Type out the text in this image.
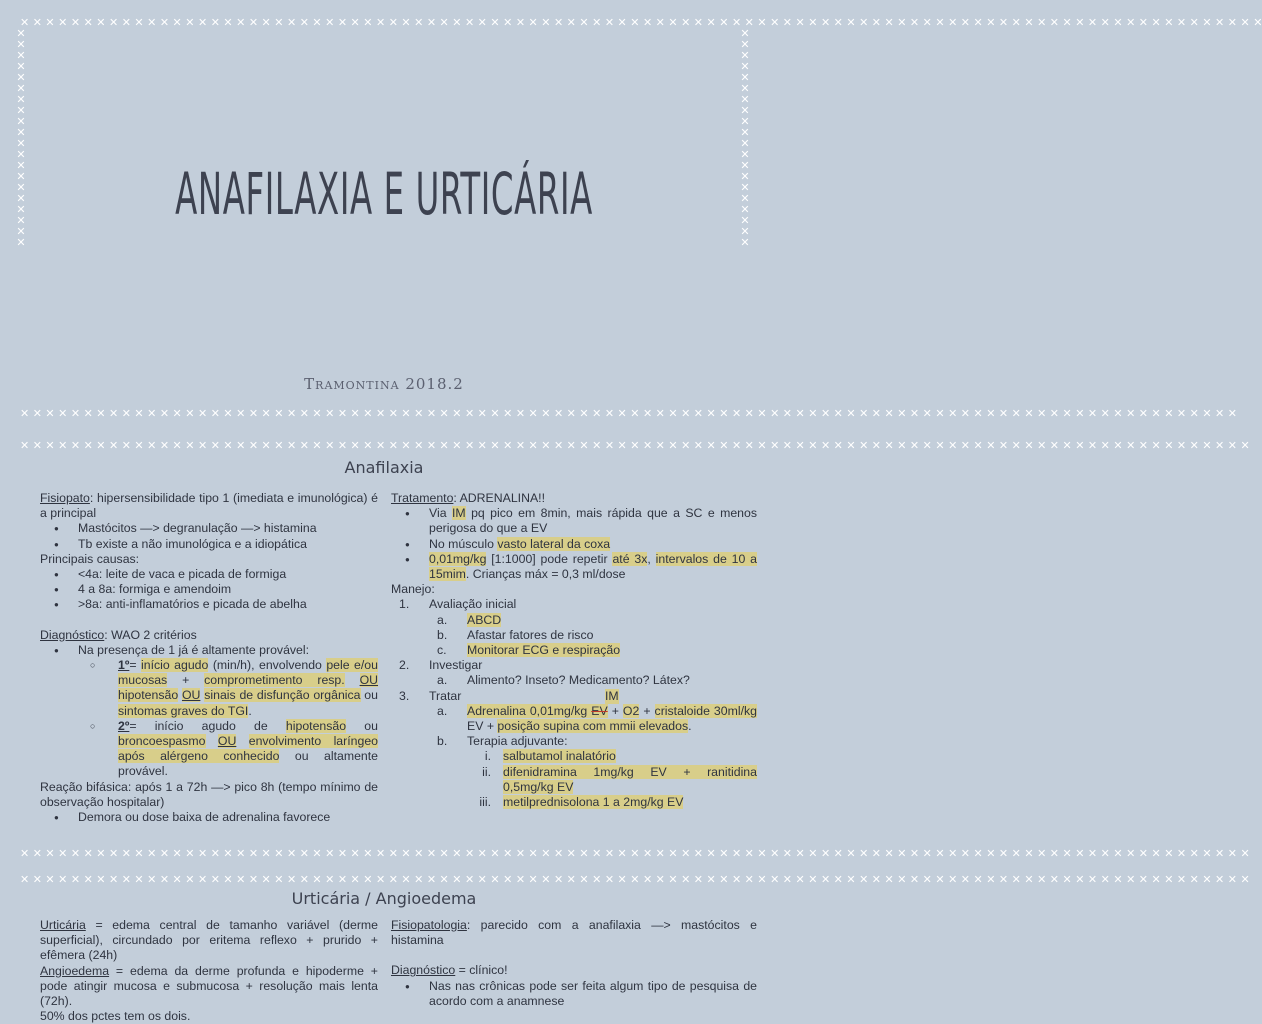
✕ ✕ ✕ ✕ ✕ ✕ ✕ ✕ ✕ ✕ ✕ ✕ ✕ ✕ ✕ ✕ ✕ ✕ ✕ ✕ ✕ ✕ ✕ ✕ ✕ ✕ ✕ ✕ ✕ ✕ ✕ ✕ ✕ ✕ ✕ ✕ ✕ ✕ ✕ ✕ ✕ ✕ ✕ ✕ ✕ ✕ ✕ ✕ ✕ ✕ ✕ ✕ ✕ ✕ ✕ ✕ ✕ ✕ ✕ ✕ ✕ ✕ ✕ ✕ ✕ ✕ ✕ ✕ ✕ ✕ ✕ ✕ ✕ ✕ ✕ ✕ ✕ ✕ ✕ ✕ ✕ ✕ ✕ ✕ ✕ ✕ ✕ ✕ ✕ ✕ ✕ ✕ ✕ ✕ ✕ ✕ ✕ ✕
✕ ✕ ✕ ✕ ✕ ✕ ✕ ✕ ✕ ✕ ✕ ✕ ✕ ✕ ✕ ✕ ✕ ✕ ✕ ✕ ✕ ✕ ✕ ✕ ✕ ✕ ✕ ✕ ✕ ✕ ✕ ✕ ✕ ✕ ✕ ✕ ✕ ✕ ✕ ✕ ✕ ✕ ✕ ✕ ✕ ✕ ✕ ✕ ✕ ✕ ✕ ✕ ✕ ✕ ✕ ✕ ✕ ✕ ✕ ✕ ✕ ✕ ✕ ✕ ✕ ✕ ✕ ✕ ✕ ✕ ✕ ✕ ✕ ✕ ✕ ✕ ✕ ✕ ✕ ✕ ✕ ✕ ✕ ✕ ✕ ✕ ✕ ✕ ✕ ✕ ✕ ✕ ✕ ✕ ✕ ✕
✕ ✕ ✕ ✕ ✕ ✕ ✕ ✕ ✕ ✕ ✕ ✕ ✕ ✕ ✕ ✕ ✕ ✕ ✕ ✕
✕ ✕ ✕ ✕ ✕ ✕ ✕ ✕ ✕ ✕ ✕ ✕ ✕ ✕ ✕ ✕ ✕ ✕ ✕ ✕
ANAFILAXIA E URTICÁRIA
Tramontina 2018.2
✕ ✕ ✕ ✕ ✕ ✕ ✕ ✕ ✕ ✕ ✕ ✕ ✕ ✕ ✕ ✕ ✕ ✕ ✕ ✕ ✕ ✕ ✕ ✕ ✕ ✕ ✕ ✕ ✕ ✕ ✕ ✕ ✕ ✕ ✕ ✕ ✕ ✕ ✕ ✕ ✕ ✕ ✕ ✕ ✕ ✕ ✕ ✕ ✕ ✕ ✕ ✕ ✕ ✕ ✕ ✕ ✕ ✕ ✕ ✕ ✕ ✕ ✕ ✕ ✕ ✕ ✕ ✕ ✕ ✕ ✕ ✕ ✕ ✕ ✕ ✕ ✕ ✕ ✕ ✕ ✕ ✕ ✕ ✕ ✕ ✕ ✕ ✕ ✕ ✕ ✕ ✕ ✕ ✕ ✕ ✕ ✕
Anafilaxia

Fisiopato: hipersensibilidade tipo 1 (imediata e imunológica) é a principal

● Mastócitos —> degranulação —> histamina

● Tb existe a não imunológica e a idiopática

Principais causas:

● <4a: leite de vaca e picada de formiga

● 4 a 8a: formiga e amendoim

● >8a: anti-inflamatórios e picada de abelha

Diagnóstico: WAO 2 critérios

● Na presença de 1 já é altamente provável:

○ 1º= início agudo (min/h), envolvendo pele e/ou mucosas + comprometimento resp. OU hipotensão OU sinais de disfunção orgânica ou sintomas graves do TGI.

○ 2º= início agudo de hipotensão ou broncoespasmo OU envolvimento laríngeo após alérgeno conhecido ou altamente provável.

Reação bifásica: após 1 a 72h —> pico 8h (tempo mínimo de observação hospitalar)

● Demora ou dose baixa de adrenalina favorece

Tratamento: ADRENALINA!!

● Via IM pq pico em 8min, mais rápida que a SC e menos perigosa do que a EV

● No músculo vasto lateral da coxa

● 0,01mg/kg [1:1000] pode repetir até 3x, intervalos de 10 a 15mim. Crianças máx = 0,3 ml/dose

Manejo:

1. Avaliação inicial

a. ABCD

b. Afastar fatores de risco

c. Monitorar ECG e respiração

2. Investigar

a. Alimento? Inseto? Medicamento? Látex?

3. Tratar	IM

a. Adrenalina 0,01mg/kg EV + O2 + cristaloide 30ml/kg EV + posição supina com mmii elevados.

b. Terapia adjuvante:

i. salbutamol inalatório

ii. difenidramina 1mg/kg EV + ranitidina 0,5mg/kg EV

iii. metilprednisolona 1 a 2mg/kg EV

✕ ✕ ✕ ✕ ✕ ✕ ✕ ✕ ✕ ✕ ✕ ✕ ✕ ✕ ✕ ✕ ✕ ✕ ✕ ✕ ✕ ✕ ✕ ✕ ✕ ✕ ✕ ✕ ✕ ✕ ✕ ✕ ✕ ✕ ✕ ✕ ✕ ✕ ✕ ✕ ✕ ✕ ✕ ✕ ✕ ✕ ✕ ✕ ✕ ✕ ✕ ✕ ✕ ✕ ✕ ✕ ✕ ✕ ✕ ✕ ✕ ✕ ✕ ✕ ✕ ✕ ✕ ✕ ✕ ✕ ✕ ✕ ✕ ✕ ✕ ✕ ✕ ✕ ✕ ✕ ✕ ✕ ✕ ✕ ✕ ✕ ✕ ✕ ✕ ✕ ✕ ✕ ✕ ✕ ✕ ✕ ✕
✕ ✕ ✕ ✕ ✕ ✕ ✕ ✕ ✕ ✕ ✕ ✕ ✕ ✕ ✕ ✕ ✕ ✕ ✕ ✕ ✕ ✕ ✕ ✕ ✕ ✕ ✕ ✕ ✕ ✕ ✕ ✕ ✕ ✕ ✕ ✕ ✕ ✕ ✕ ✕ ✕ ✕ ✕ ✕ ✕ ✕ ✕ ✕ ✕ ✕ ✕ ✕ ✕ ✕ ✕ ✕ ✕ ✕ ✕ ✕ ✕ ✕ ✕ ✕ ✕ ✕ ✕ ✕ ✕ ✕ ✕ ✕ ✕ ✕ ✕ ✕ ✕ ✕ ✕ ✕ ✕ ✕ ✕ ✕ ✕ ✕ ✕ ✕ ✕ ✕ ✕ ✕ ✕ ✕ ✕ ✕ ✕
Urticária / Angioedema

Urticária = edema central de tamanho variável (derme superficial), circundado por eritema reflexo + prurido + efêmera (24h)

Angioedema = edema da derme profunda e hipoderme + pode atingir mucosa e submucosa + resolução mais lenta (72h).

50% dos pctes tem os dois.

Fisiopatologia: parecido com a anafilaxia —> mastócitos e histamina

Diagnóstico = clínico!

● Nas nas crônicas pode ser feita algum tipo de pesquisa de acordo com a anamnese
